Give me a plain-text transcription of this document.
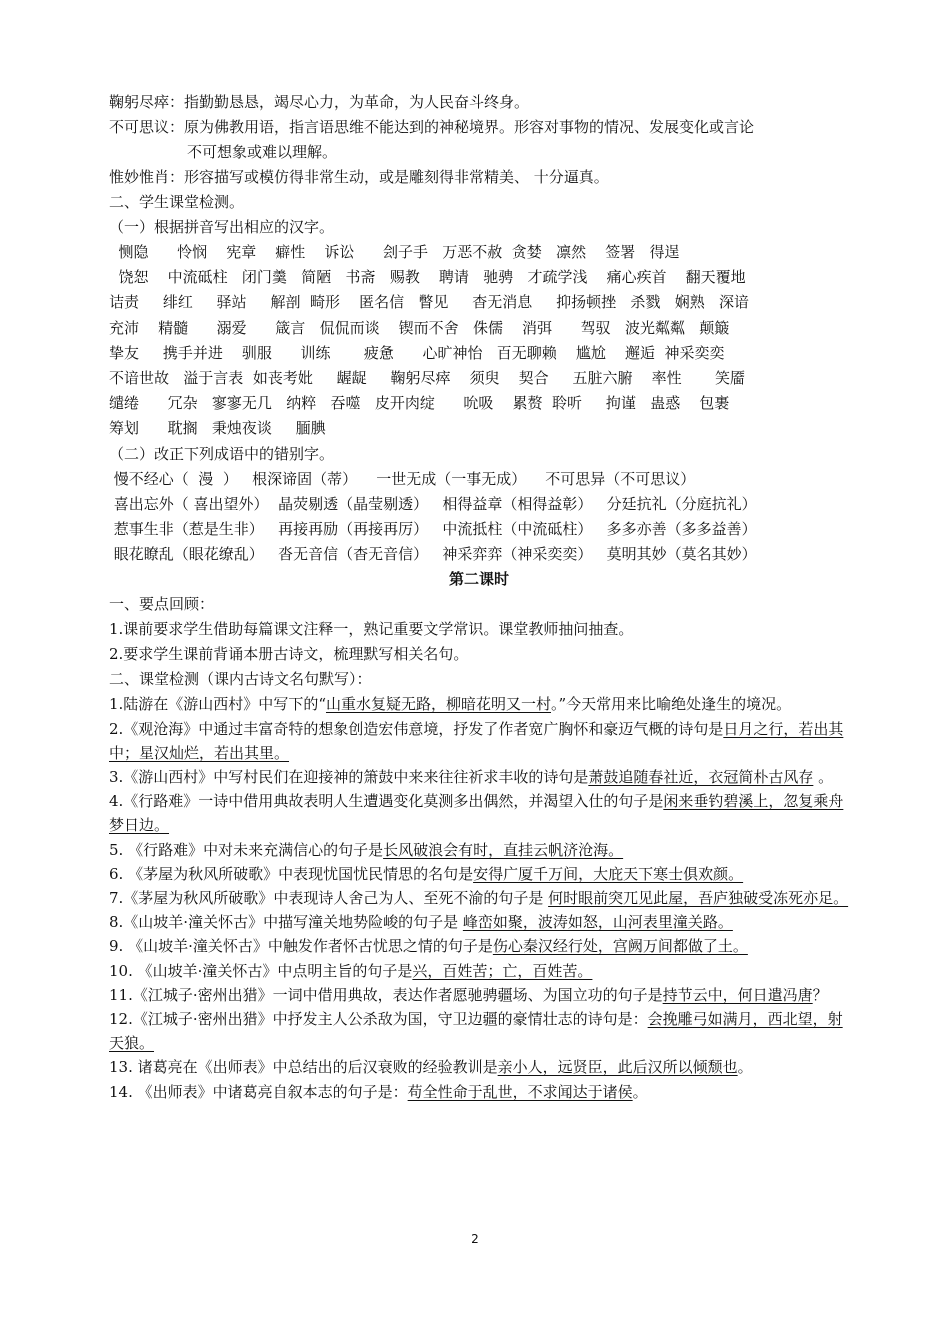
鞠躬尽瘁：指勤勤恳恳，竭尽心力，为革命，为人民奋斗终身。

不可思议：原为佛教用语，指言语思维不能达到的神秘境界。形容对事物的情况、发展变化或言论

不可想象或难以理解。

惟妙惟肖：形容描写或模仿得非常生动，或是雕刻得非常精美、 十分逼真。

二、学生课堂检测。

（一）根据拼音写出相应的汉字。

恻隐      怜悯    宪章    癖性    诉讼      刽子手   万恶不赦  贪婪   凛然    签署   得逞
饶恕    中流砥柱   闭门羹   简陋   书斋   赐教    聘请   驰骋   才疏学浅    痛心疾首    翻天覆地
诘责     绯红     驿站     解剖  畸形    匿名信   瞥见     杳无消息     抑扬顿挫   杀戮   娴熟   深谙
充沛    精髓      溺爱      箴言   侃侃而谈    锲而不舍   侏儒    消弭      驾驭   波光粼粼   颠簸
挚友     携手并进    驯服      训练       疲惫      心旷神怡   百无聊赖    尴尬    邂逅  神采奕奕
不谙世故   溢于言表  如丧考妣     龌龊     鞠躬尽瘁    须臾    契合     五脏六腑    率性       笑靥
缱绻      冗杂   寥寥无几   纳粹   吞噬   皮开肉绽      吮吸    累赘  聆听     拘谨   蛊惑    包裹
筹划      耽搁   秉烛夜谈     腼腆

（二）改正下列成语中的错别字。

慢不经心（  漫  ）   根深谛固（蒂）    一世无成（一事无成）    不可思异（不可思议）
喜出忘外（ 喜出望外）  晶荧剔透（晶莹剔透）   相得益章（相得益彰）   分廷抗礼（分庭抗礼）
惹事生非（惹是生非）   再接再励（再接再厉）   中流抵柱（中流砥柱）   多多亦善（多多益善）
眼花瞭乱（眼花缭乱）   沓无音信（杳无音信）   神采弈弈（神采奕奕）   莫明其妙（莫名其妙）
第二课时

一、要点回顾：

1.课前要求学生借助每篇课文注释一，熟记重要文学常识。课堂教师抽问抽查。

2.要求学生课前背诵本册古诗文，梳理默写相关名句。

二、课堂检测（课内古诗文名句默写）：

1.陆游在《游山西村》中写下的“山重水复疑无路，柳暗花明又一村。”今天常用来比喻绝处逢生的境况。

2.《观沧海》中通过丰富奇特的想象创造宏伟意境，抒发了作者宽广胸怀和豪迈气概的诗句是日月之行，若出其中；星汉灿烂，若出其里。

3.《游山西村》中写村民们在迎接神的箫鼓中来来往往祈求丰收的诗句是萧鼓追随春社近，衣冠简朴古风存 。

4.《行路难》一诗中借用典故表明人生遭遇变化莫测多出偶然，并渴望入仕的句子是闲来垂钓碧溪上，忽复乘舟梦日边。

5. 《行路难》中对未来充满信心的句子是长风破浪会有时，直挂云帆济沧海。

6. 《茅屋为秋风所破歌》中表现忧国忧民情思的名句是安得广厦千万间，大庇天下寒士俱欢颜。

7.《茅屋为秋风所破歌》中表现诗人舍己为人、至死不渝的句子是 何时眼前突兀见此屋，吾庐独破受冻死亦足。

8.《山坡羊·潼关怀古》中描写潼关地势险峻的句子是 峰峦如聚，波涛如怒，山河表里潼关路。

9. 《山坡羊·潼关怀古》中触发作者怀古忧思之情的句子是伤心秦汉经行处，宫阙万间都做了土。

10. 《山坡羊·潼关怀古》中点明主旨的句子是兴，百姓苦；亡，百姓苦。

11.《江城子·密州出猎》一词中借用典故，表达作者愿驰骋疆场、为国立功的句子是持节云中，何日遣冯唐？

12.《江城子·密州出猎》中抒发主人公杀敌为国，守卫边疆的豪情壮志的诗句是：会挽雕弓如满月，西北望，射天狼。

13. 诸葛亮在《出师表》中总结出的后汉衰败的经验教训是亲小人，远贤臣，此后汉所以倾颓也。

14. 《出师表》中诸葛亮自叙本志的句子是：苟全性命于乱世，不求闻达于诸侯。

2
